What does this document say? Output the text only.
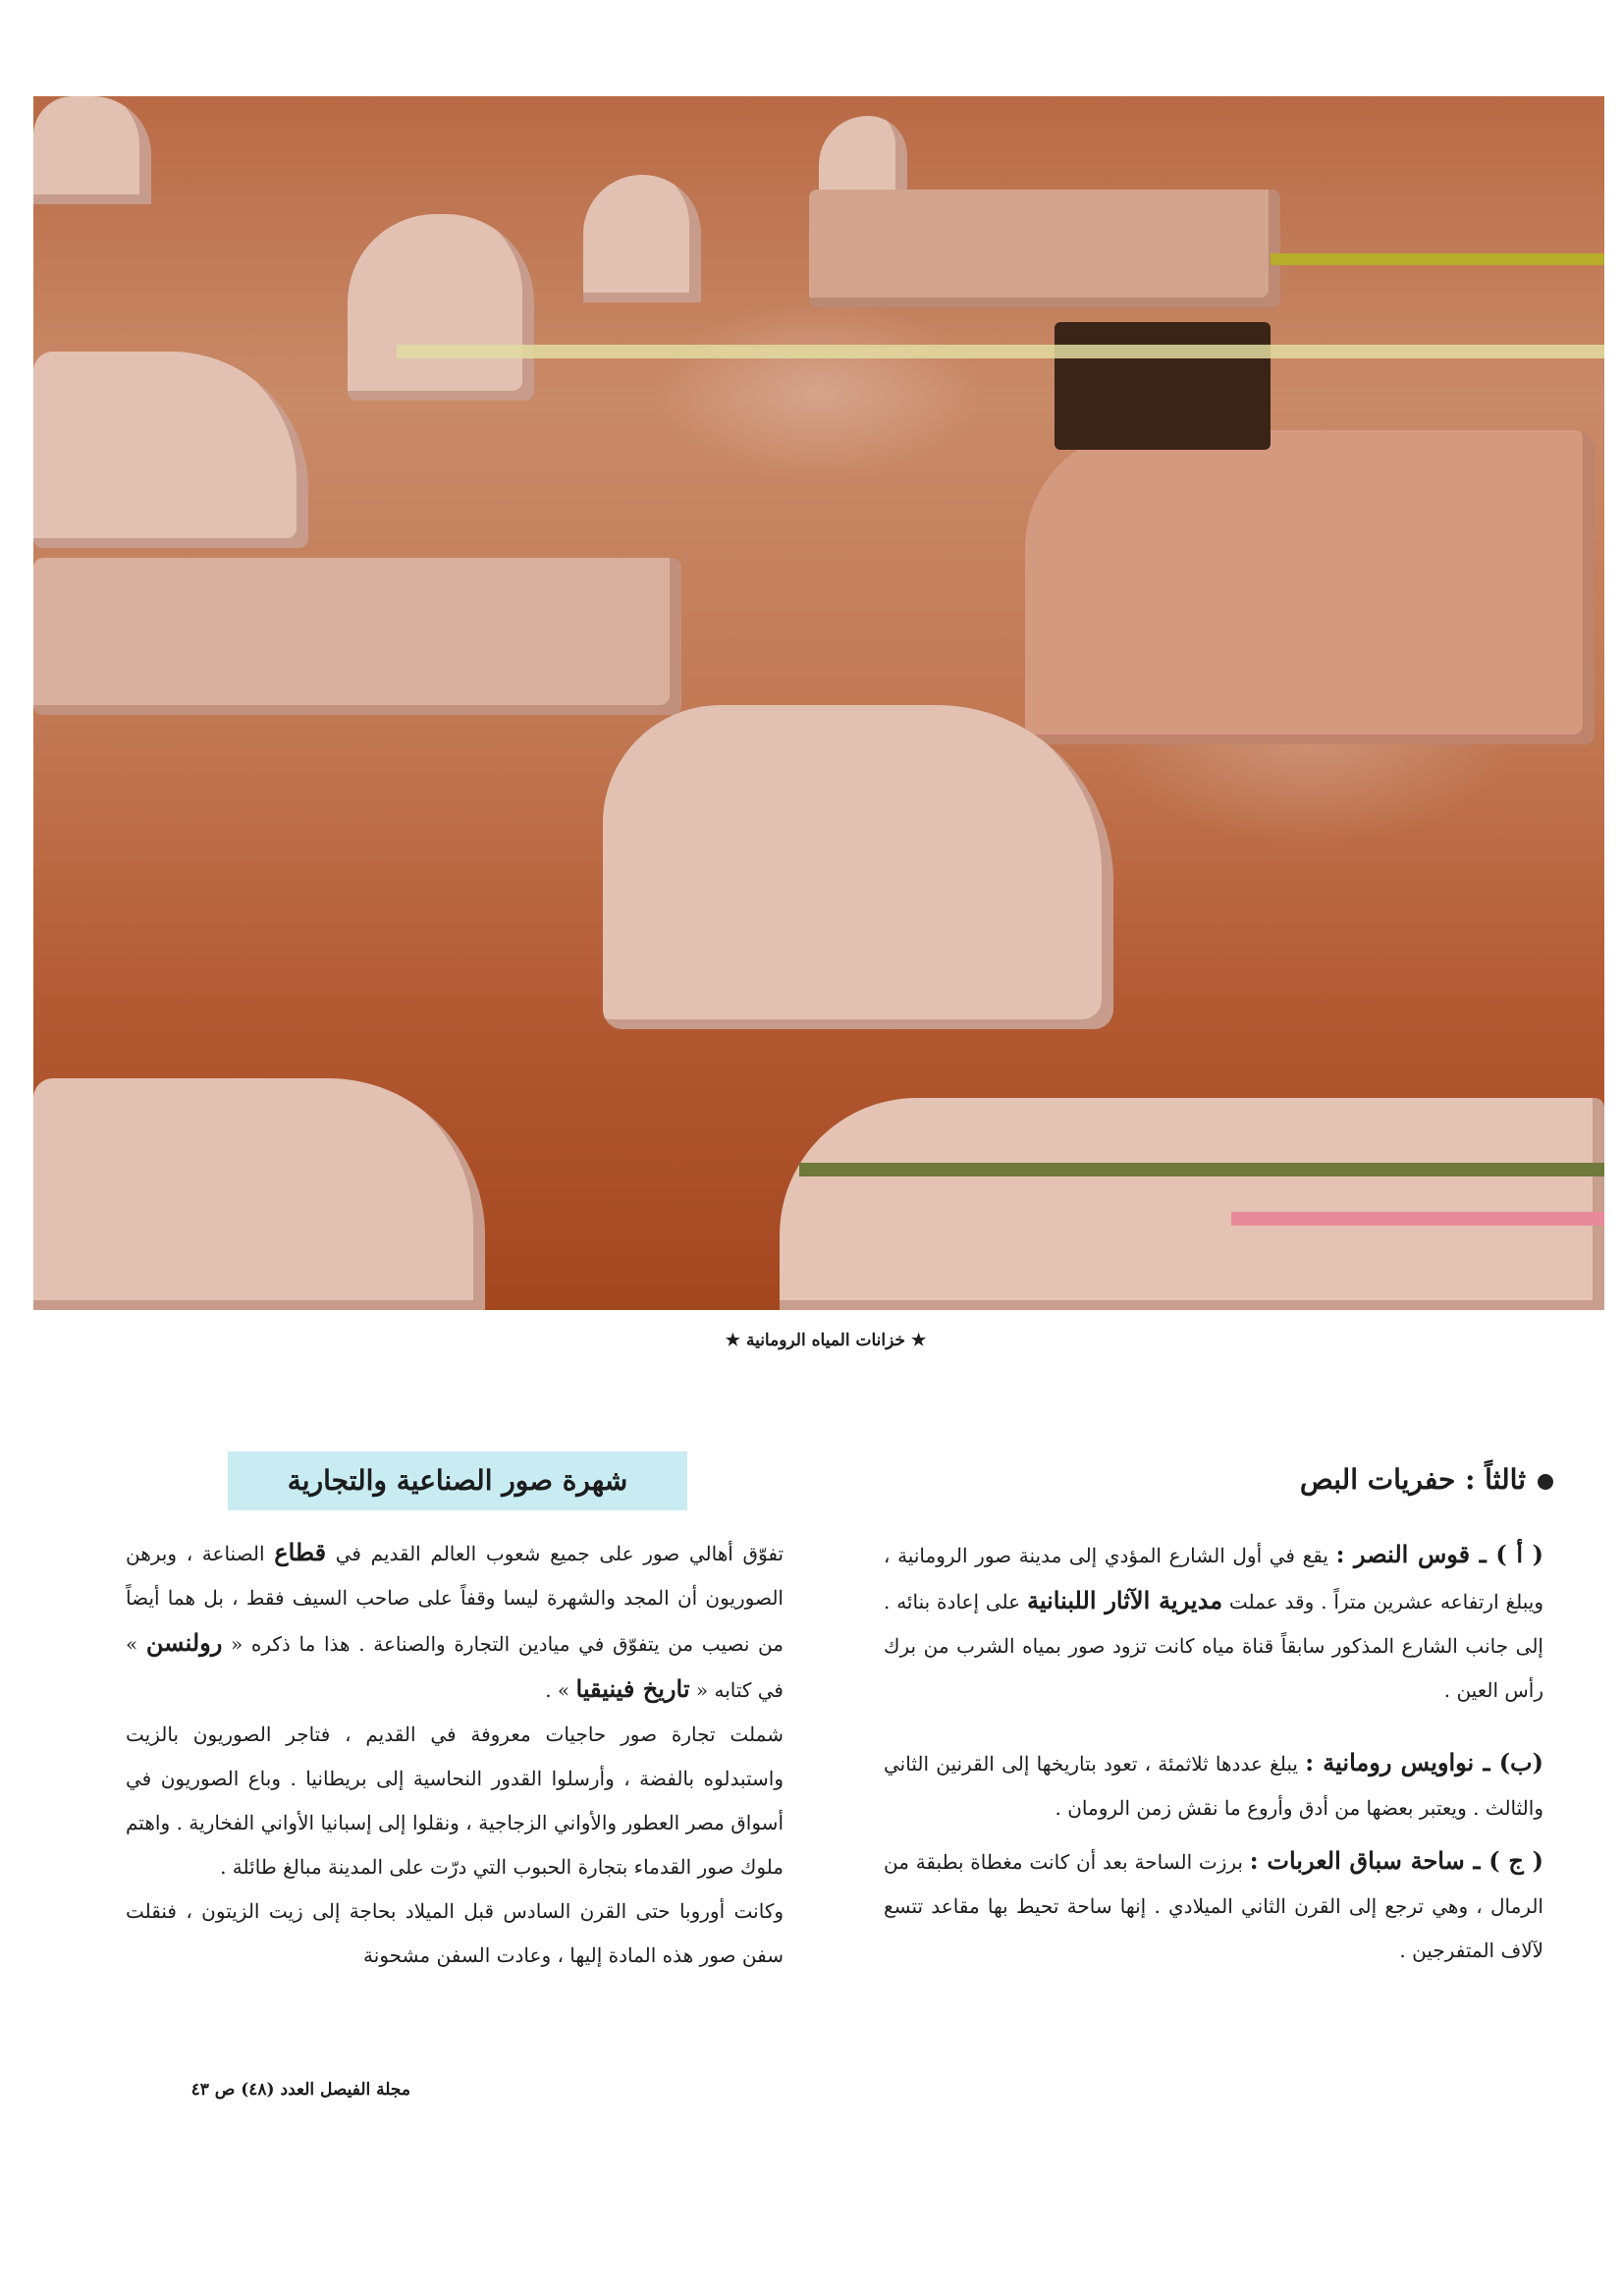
★ خزانات المياه الرومانية ★
ثالثاً : حفريات البص
شهرة صور الصناعية والتجارية

( أ ) ـ قوس النصر : يقع في أول الشارع المؤدي إلى مدينة صور الرومانية ، ويبلغ ارتفاعه عشرين متراً . وقد عملت مديرية الآثار اللبنانية على إعادة بنائه . إلى جانب الشارع المذكور سابقاً قناة مياه كانت تزود صور بمياه الشرب من برك رأس العين .

(ب) ـ نواويس رومانية : يبلغ عددها ثلاثمئة ، تعود بتاريخها إلى القرنين الثاني والثالث . ويعتبر بعضها من أدق وأروع ما نقش زمن الرومان .

( ج ) ـ ساحة سباق العربات : برزت الساحة بعد أن كانت مغطاة بطبقة من الرمال ، وهي ترجع إلى القرن الثاني الميلادي . إنها ساحة تحيط بها مقاعد تتسع لآلاف المتفرجين .

تفوّق أهالي صور على جميع شعوب العالم القديم في قطاع الصناعة ، وبرهن الصوريون أن المجد والشهرة ليسا وقفاً على صاحب السيف فقط ، بل هما أيضاً من نصيب من يتفوّق في ميادين التجارة والصناعة . هذا ما ذكره « رولنسن » في كتابه « تاريخ فينيقيا » .

شملت تجارة صور حاجيات معروفة في القديم ، فتاجر الصوريون بالزيت واستبدلوه بالفضة ، وأرسلوا القدور النحاسية إلى بريطانيا . وباع الصوريون في أسواق مصر العطور والأواني الزجاجية ، ونقلوا إلى إسبانيا الأواني الفخارية . واهتم ملوك صور القدماء بتجارة الحبوب التي درّت على المدينة مبالغ طائلة .

وكانت أوروبا حتى القرن السادس قبل الميلاد بحاجة إلى زيت الزيتون ، فنقلت سفن صور هذه المادة إليها ، وعادت السفن مشحونة

مجلة الفيصل العدد (٤٨) ص ٤٣
